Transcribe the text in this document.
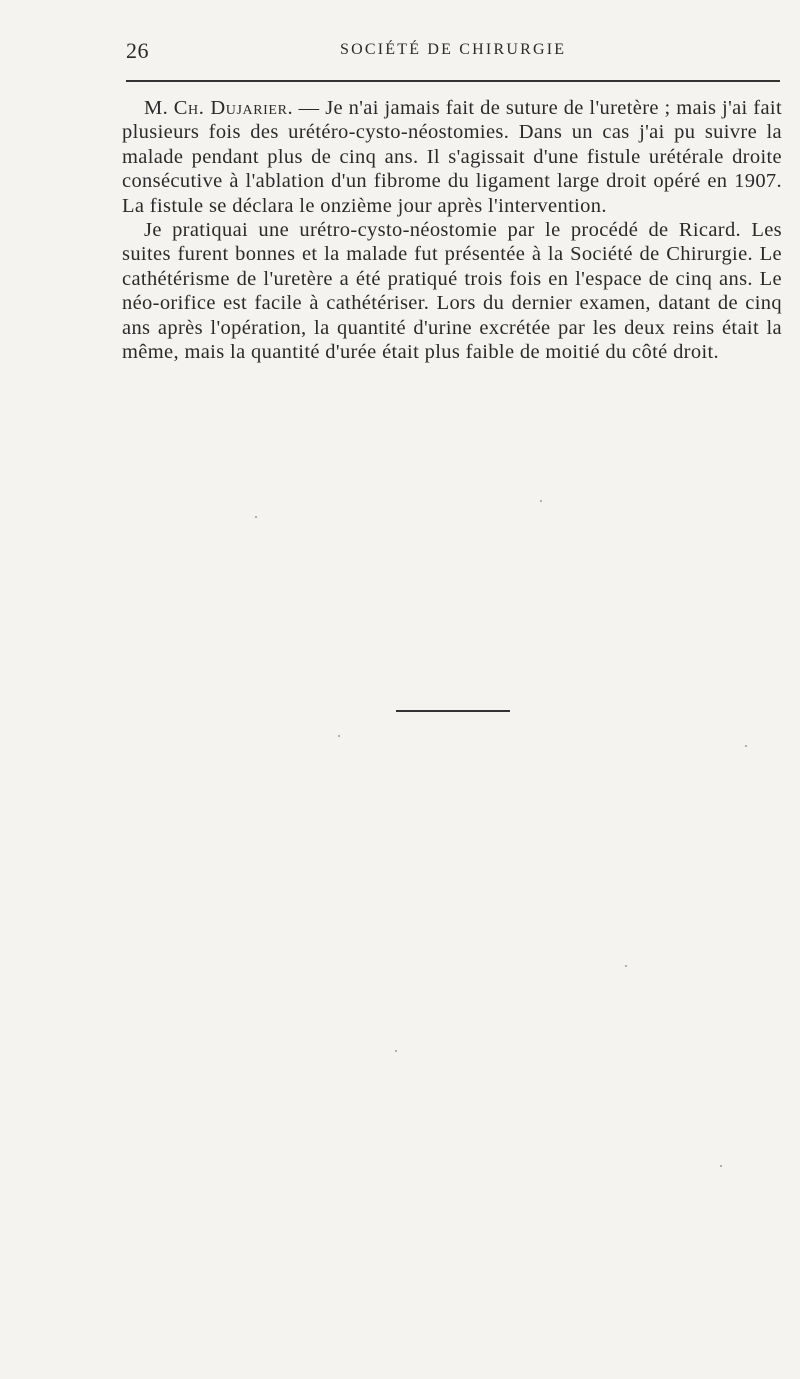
26	SOCIÉTÉ DE CHIRURGIE

M. Ch. Dujarier. — Je n'ai jamais fait de suture de l'uretère ; mais j'ai fait plusieurs fois des urétéro-cysto-néostomies. Dans un cas j'ai pu suivre la malade pendant plus de cinq ans. Il s'agissait d'une fistule urétérale droite consécutive à l'ablation d'un fibrome du ligament large droit opéré en 1907. La fistule se déclara le onzième jour après l'intervention.

Je pratiquai une urétro-cysto-néostomie par le procédé de Ricard. Les suites furent bonnes et la malade fut présentée à la Société de Chirurgie. Le cathétérisme de l'uretère a été pratiqué trois fois en l'espace de cinq ans. Le néo-orifice est facile à cathétériser. Lors du dernier examen, datant de cinq ans après l'opération, la quantité d'urine excrétée par les deux reins était la même, mais la quantité d'urée était plus faible de moitié du côté droit.
